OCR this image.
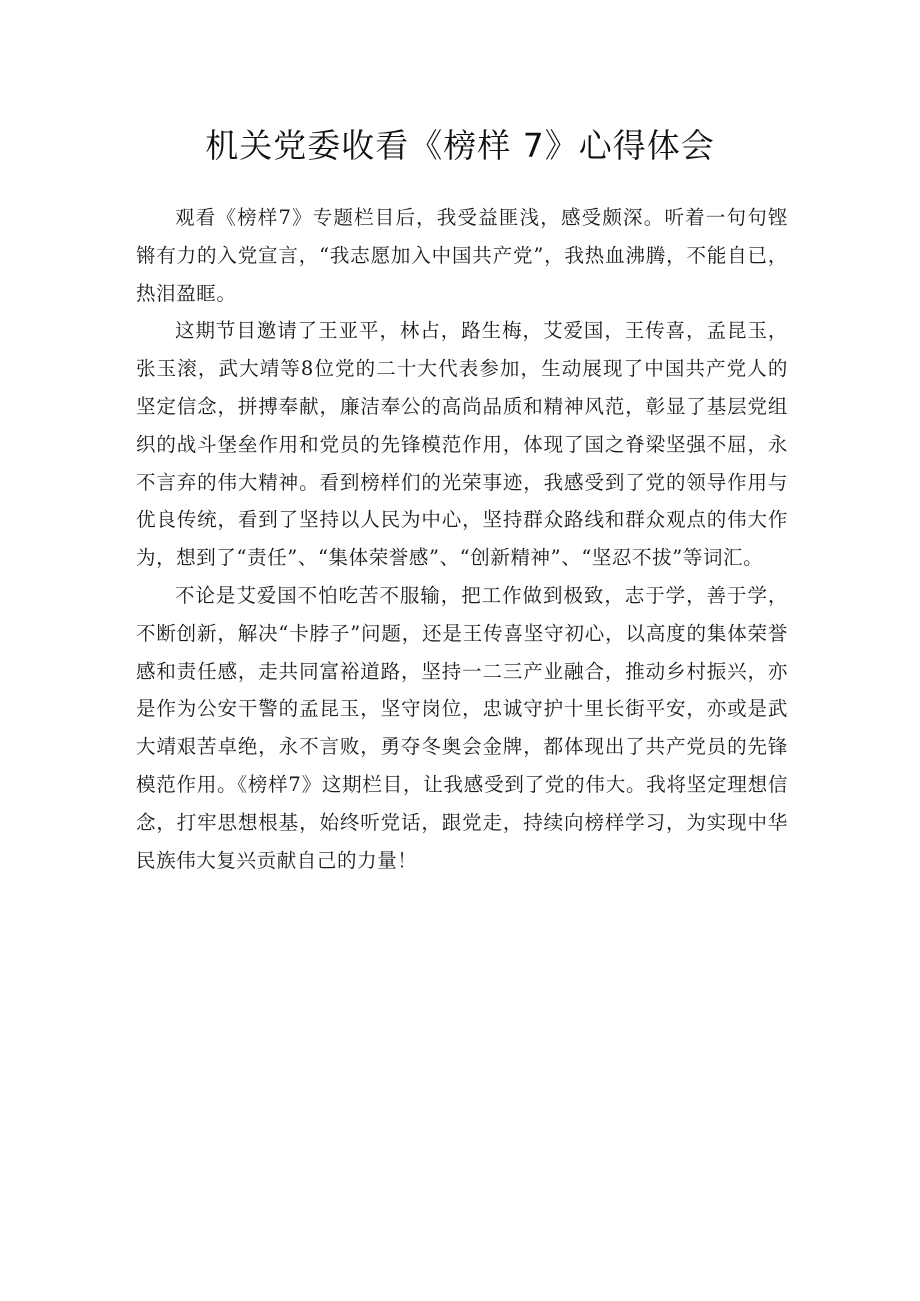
机关党委收看《榜样 7》心得体会

观看《榜样7》专题栏目后，我受益匪浅，感受颇深。听着一句句铿锵有力的入党宣言，“我志愿加入中国共产党”，我热血沸腾，不能自已，热泪盈眶。

这期节目邀请了王亚平，林占，路生梅，艾爱国，王传喜，孟昆玉，张玉滚，武大靖等8位党的二十大代表参加，生动展现了中国共产党人的坚定信念，拼搏奉献，廉洁奉公的高尚品质和精神风范，彰显了基层党组织的战斗堡垒作用和党员的先锋模范作用，体现了国之脊梁坚强不屈，永不言弃的伟大精神。看到榜样们的光荣事迹，我感受到了党的领导作用与优良传统，看到了坚持以人民为中心，坚持群众路线和群众观点的伟大作为，想到了“责任”、“集体荣誉感”、“创新精神”、“坚忍不拔”等词汇。

不论是艾爱国不怕吃苦不服输，把工作做到极致，志于学，善于学，不断创新，解决“卡脖子”问题，还是王传喜坚守初心，以高度的集体荣誉感和责任感，走共同富裕道路，坚持一二三产业融合，推动乡村振兴，亦是作为公安干警的孟昆玉，坚守岗位，忠诚守护十里长街平安，亦或是武大靖艰苦卓绝，永不言败，勇夺冬奥会金牌，都体现出了共产党员的先锋模范作用。《榜样7》这期栏目，让我感受到了党的伟大。我将坚定理想信念，打牢思想根基，始终听党话，跟党走，持续向榜样学习，为实现中华民族伟大复兴贡献自己的力量！
